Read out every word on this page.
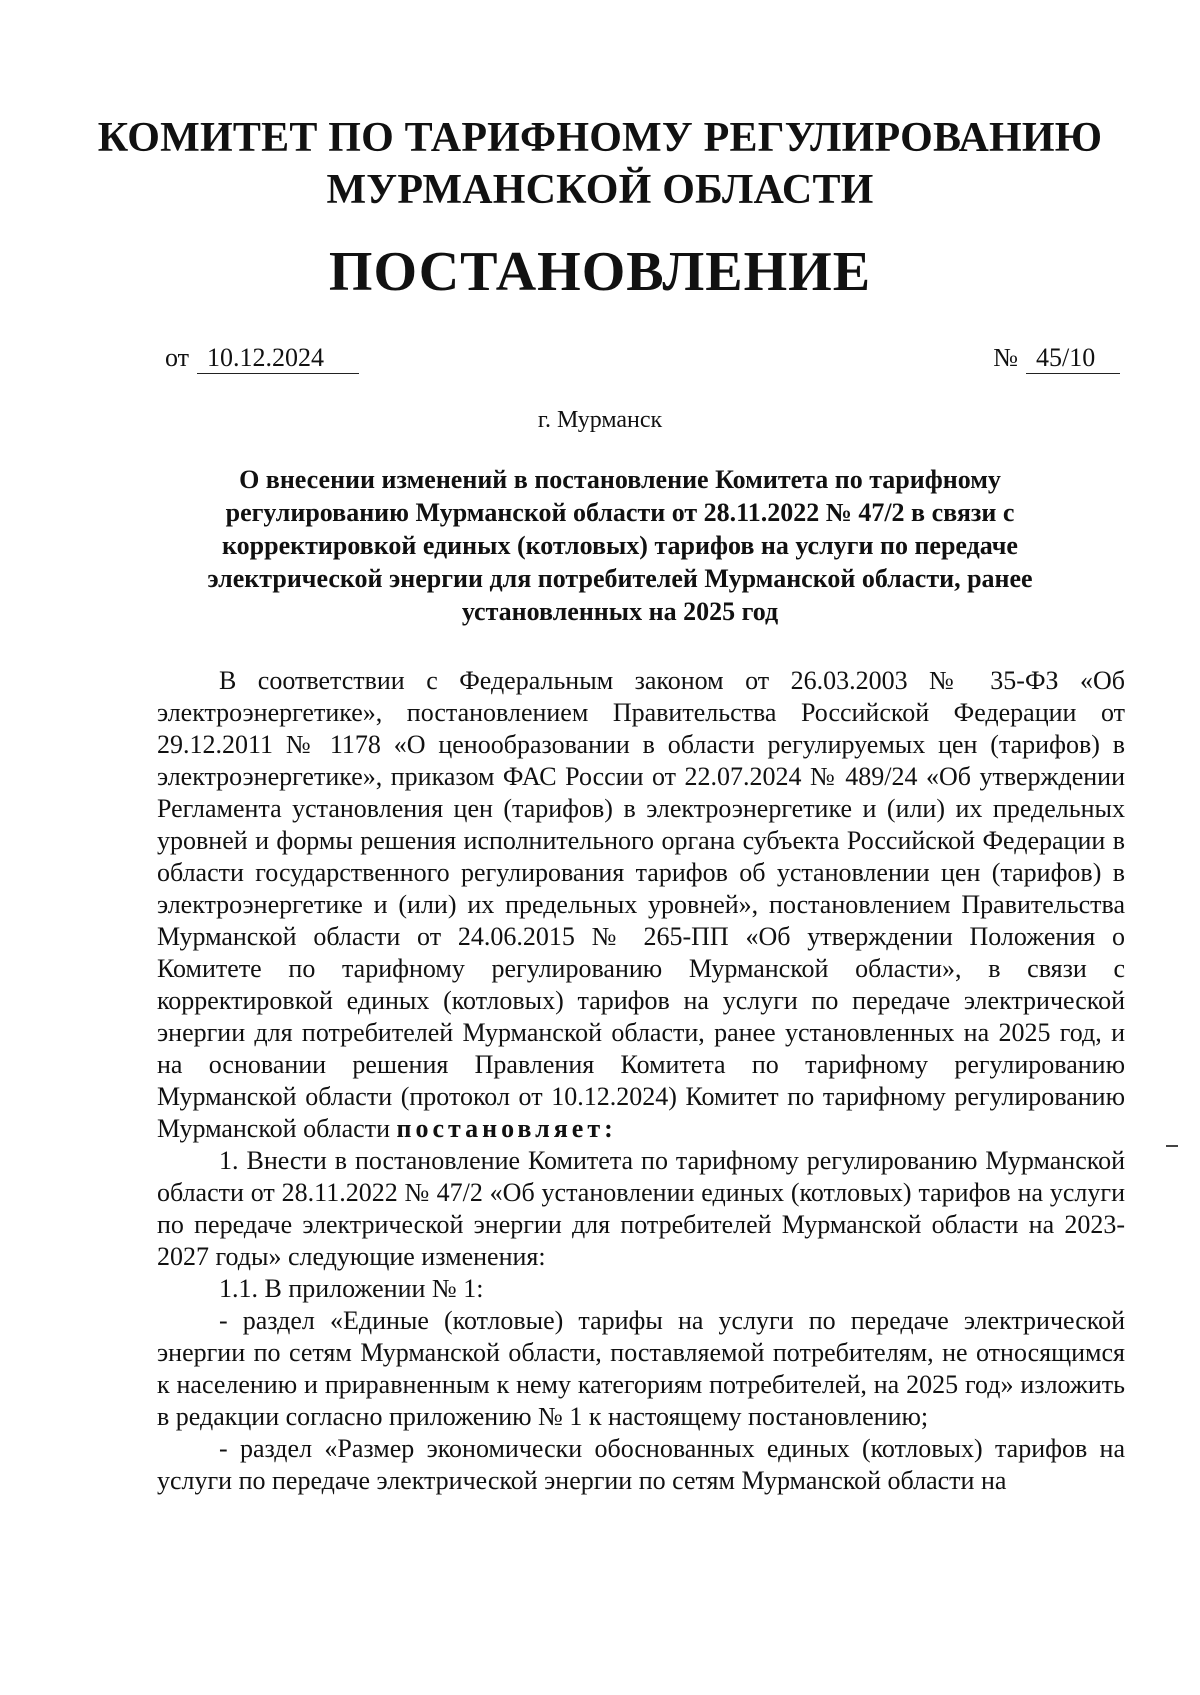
КОМИТЕТ ПО ТАРИФНОМУ РЕГУЛИРОВАНИЮ
МУРМАНСКОЙ ОБЛАСТИ
ПОСТАНОВЛЕНИЕ
от 10.12.2024	№ 45/10
г. Мурманск
О внесении изменений в постановление Комитета по тарифному
регулированию Мурманской области от 28.11.2022 № 47/2 в связи с
корректировкой единых (котловых) тарифов на услуги по передаче
электрической энергии для потребителей Мурманской области, ранее
установленных на 2025 год

В соответствии с Федеральным законом от 26.03.2003 № 35-ФЗ «Об электроэнергетике», постановлением Правительства Российской Федерации от 29.12.2011 № 1178 «О ценообразовании в области регулируемых цен (тарифов) в электроэнергетике», приказом ФАС России от 22.07.2024 № 489/24 «Об утверждении Регламента установления цен (тарифов) в электроэнергетике и (или) их предельных уровней и формы решения исполнительного органа субъекта Российской Федерации в области государственного регулирования тарифов об установлении цен (тарифов) в электроэнергетике и (или) их предельных уровней», постановлением Правительства Мурманской области от 24.06.2015 № 265-ПП «Об утверждении Положения о Комитете по тарифному регулированию Мурманской области», в связи с корректировкой единых (котловых) тарифов на услуги по передаче электрической энергии для потребителей Мурманской области, ранее установленных на 2025 год, и на основании решения Правления Комитета по тарифному регулированию Мурманской области (протокол от 10.12.2024) Комитет по тарифному регулированию Мурманской области постановляет:

1. Внести в постановление Комитета по тарифному регулированию Мурманской области от 28.11.2022 № 47/2 «Об установлении единых (котловых) тарифов на услуги по передаче электрической энергии для потребителей Мурманской области на 2023-2027 годы» следующие изменения:

1.1. В приложении № 1:

- раздел «Единые (котловые) тарифы на услуги по передаче электрической энергии по сетям Мурманской области, поставляемой потребителям, не относящимся к населению и приравненным к нему категориям потребителей, на 2025 год» изложить в редакции согласно приложению № 1 к настоящему постановлению;

- раздел «Размер экономически обоснованных единых (котловых) тарифов на услуги по передаче электрической энергии по сетям Мурманской области на
